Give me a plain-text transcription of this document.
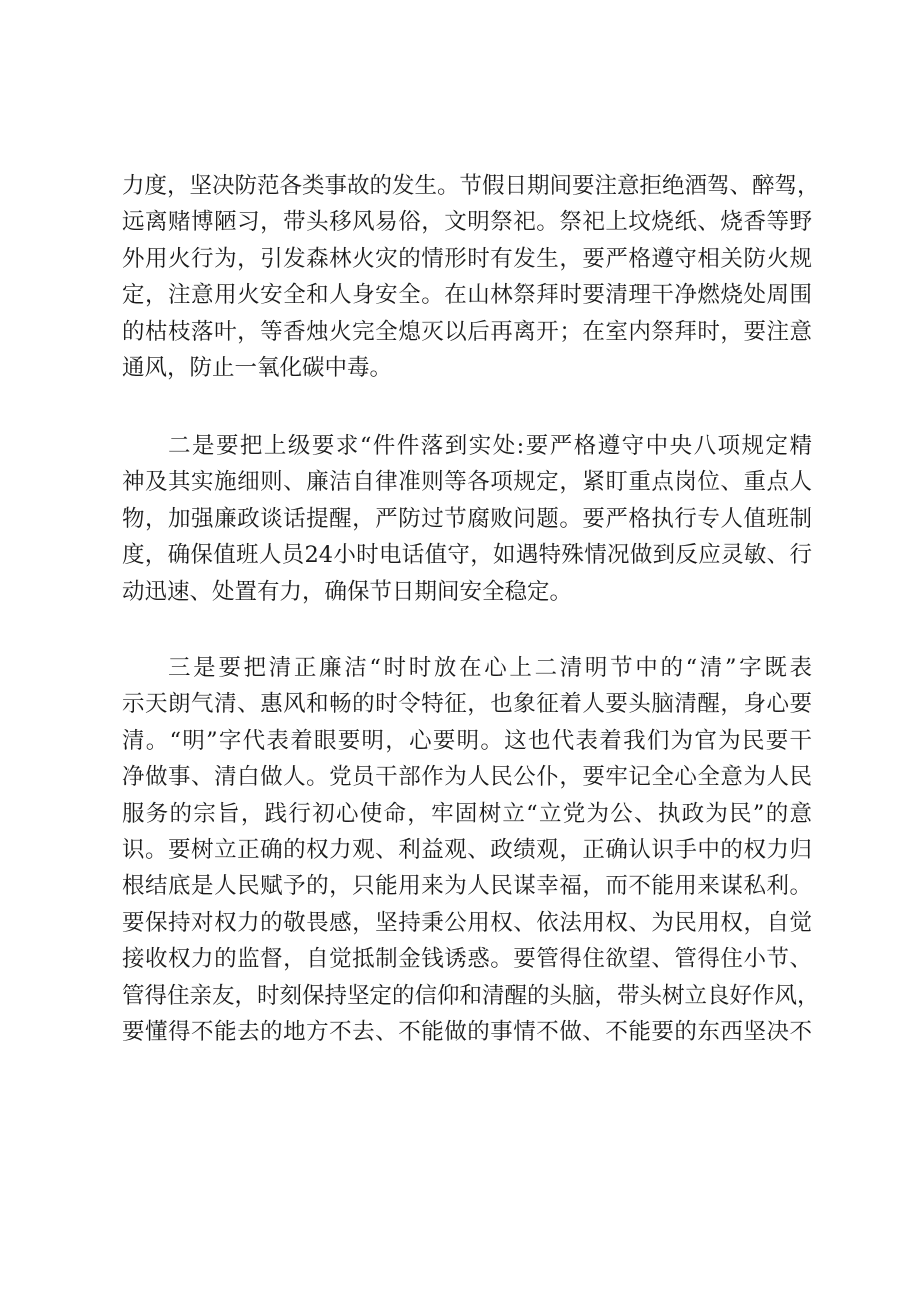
力度，坚决防范各类事故的发生。节假日期间要注意拒绝酒驾、醉驾，
远离赌博陋习，带头移风易俗，文明祭祀。祭祀上坟烧纸、烧香等野
外用火行为，引发森林火灾的情形时有发生，要严格遵守相关防火规
定，注意用火安全和人身安全。在山林祭拜时要清理干净燃烧处周围
的枯枝落叶，等香烛火完全熄灭以后再离开；在室内祭拜时，要注意
通风，防止一氧化碳中毒。
二是要把上级要求“件件落到实处:要严格遵守中央八项规定精
神及其实施细则、廉洁自律准则等各项规定，紧盯重点岗位、重点人
物，加强廉政谈话提醒，严防过节腐败问题。要严格执行专人值班制
度，确保值班人员24小时电话值守，如遇特殊情况做到反应灵敏、行
动迅速、处置有力，确保节日期间安全稳定。
三是要把清正廉洁“时时放在心上二清明节中的“清”字既表
示天朗气清、惠风和畅的时令特征，也象征着人要头脑清醒，身心要
清。“明”字代表着眼要明，心要明。这也代表着我们为官为民要干
净做事、清白做人。党员干部作为人民公仆，要牢记全心全意为人民
服务的宗旨，践行初心使命，牢固树立“立党为公、执政为民”的意
识。要树立正确的权力观、利益观、政绩观，正确认识手中的权力归
根结底是人民赋予的，只能用来为人民谋幸福，而不能用来谋私利。
要保持对权力的敬畏感，坚持秉公用权、依法用权、为民用权，自觉
接收权力的监督，自觉抵制金钱诱惑。要管得住欲望、管得住小节、
管得住亲友，时刻保持坚定的信仰和清醒的头脑，带头树立良好作风，
要懂得不能去的地方不去、不能做的事情不做、不能要的东西坚决不
